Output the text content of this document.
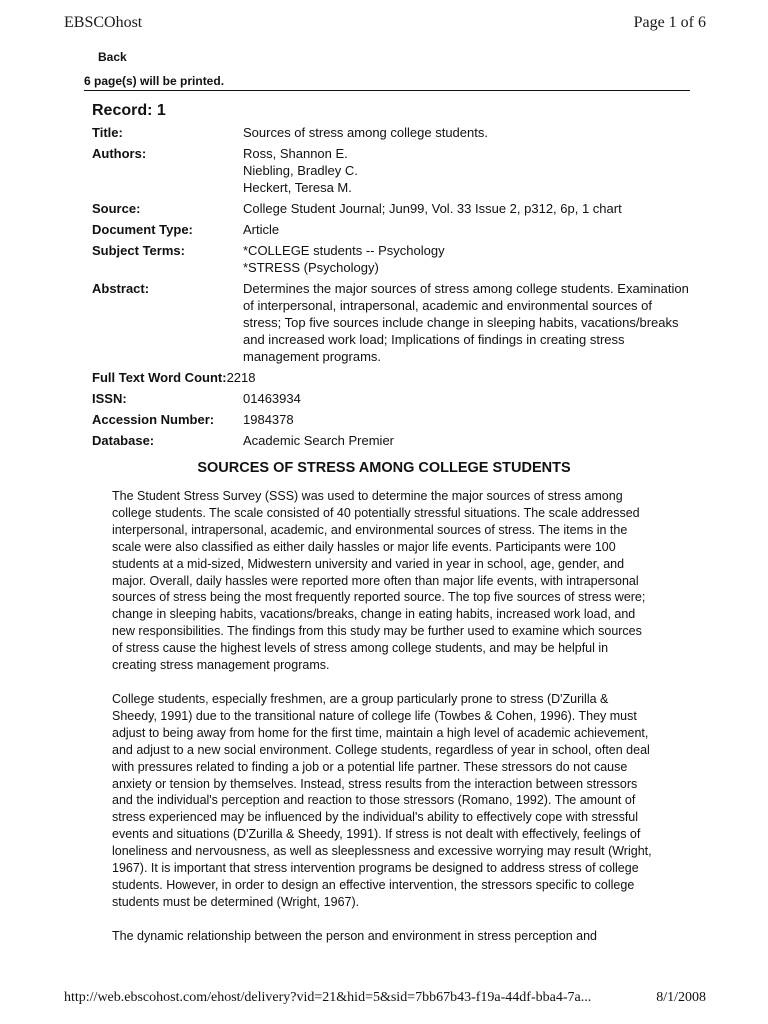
EBSCOhost	Page 1 of 6
Back
6 page(s) will be printed.
Record: 1
Title:	Sources of stress among college students.
Authors:	Ross, Shannon E.
Niebling, Bradley C.
Heckert, Teresa M.
Source:	College Student Journal; Jun99, Vol. 33 Issue 2, p312, 6p, 1 chart
Document Type:	Article
Subject Terms:	*COLLEGE students -- Psychology
*STRESS (Psychology)
Abstract:	Determines the major sources of stress among college students. Examination of interpersonal, intrapersonal, academic and environmental sources of stress; Top five sources include change in sleeping habits, vacations/breaks and increased work load; Implications of findings in creating stress management programs.
Full Text Word Count: 2218
ISSN:	01463934
Accession Number:	1984378
Database:	Academic Search Premier
SOURCES OF STRESS AMONG COLLEGE STUDENTS

The Student Stress Survey (SSS) was used to determine the major sources of stress among college students. The scale consisted of 40 potentially stressful situations. The scale addressed interpersonal, intrapersonal, academic, and environmental sources of stress. The items in the scale were also classified as either daily hassles or major life events. Participants were 100 students at a mid-sized, Midwestern university and varied in year in school, age, gender, and major. Overall, daily hassles were reported more often than major life events, with intrapersonal sources of stress being the most frequently reported source. The top five sources of stress were; change in sleeping habits, vacations/breaks, change in eating habits, increased work load, and new responsibilities. The findings from this study may be further used to examine which sources of stress cause the highest levels of stress among college students, and may be helpful in creating stress management programs.

College students, especially freshmen, are a group particularly prone to stress (D'Zurilla & Sheedy, 1991) due to the transitional nature of college life (Towbes & Cohen, 1996). They must adjust to being away from home for the first time, maintain a high level of academic achievement, and adjust to a new social environment. College students, regardless of year in school, often deal with pressures related to finding a job or a potential life partner. These stressors do not cause anxiety or tension by themselves. Instead, stress results from the interaction between stressors and the individual's perception and reaction to those stressors (Romano, 1992). The amount of stress experienced may be influenced by the individual's ability to effectively cope with stressful events and situations (D'Zurilla & Sheedy, 1991). If stress is not dealt with effectively, feelings of loneliness and nervousness, as well as sleeplessness and excessive worrying may result (Wright, 1967). It is important that stress intervention programs be designed to address stress of college students. However, in order to design an effective intervention, the stressors specific to college students must be determined (Wright, 1967).

The dynamic relationship between the person and environment in stress perception and

http://web.ebscohost.com/ehost/delivery?vid=21&hid=5&sid=7bb67b43-f19a-44df-bba4-7a...	8/1/2008
